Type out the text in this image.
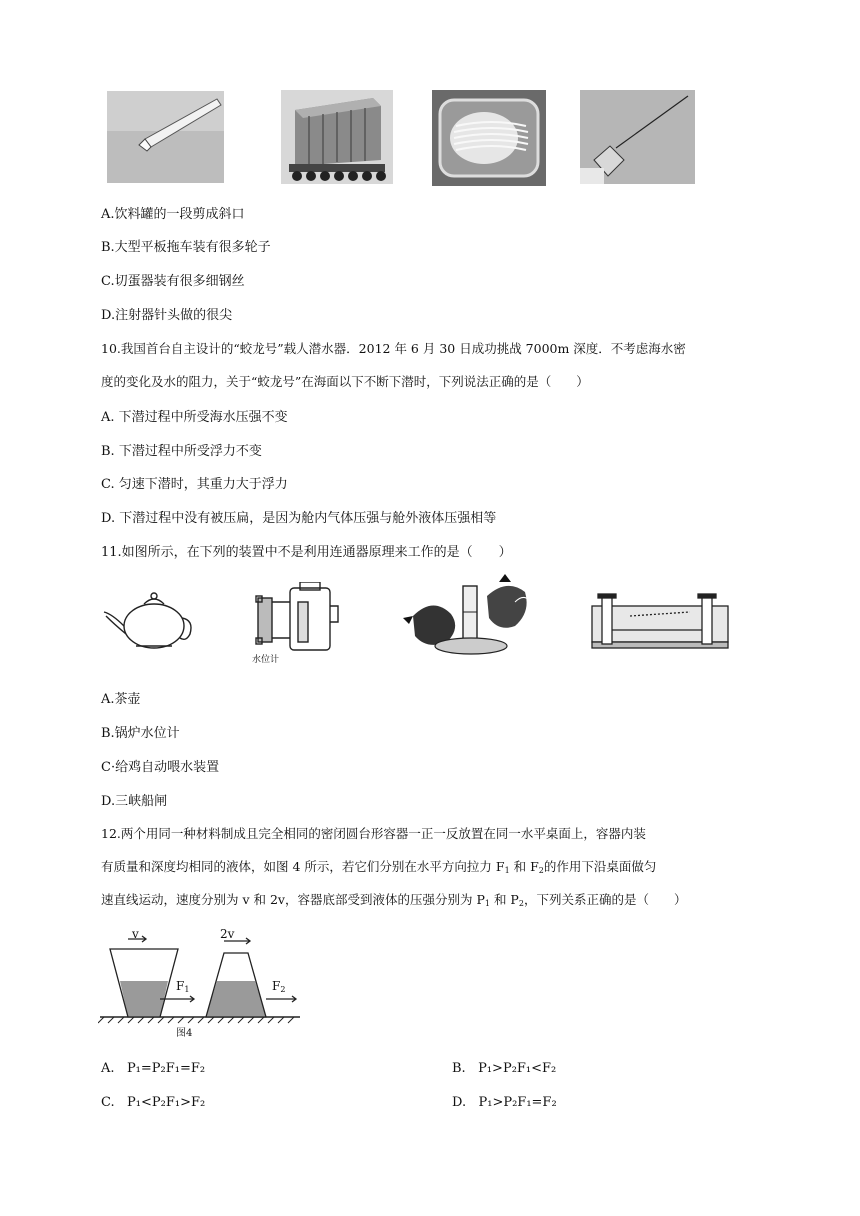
A.饮料罐的一段剪成斜口
B.大型平板拖车装有很多轮子
C.切蛋器装有很多细钢丝
D.注射器针头做的很尖
10.我国首台自主设计的“蛟龙号”载人潜水器．2012 年 6 月 30 日成功挑战 7000m 深度．不考虑海水密
度的变化及水的阻力，关于“蛟龙号”在海面以下不断下潜时，下列说法正确的是（　　）
A. 下潜过程中所受海水压强不变
B. 下潜过程中所受浮力不变
C. 匀速下潜时，其重力大于浮力
D. 下潜过程中没有被压扁，是因为舱内气体压强与舱外液体压强相等
11.如图所示，在下列的装置中不是利用连通器原理来工作的是（　　）
水位计
A.茶壶
B.锅炉水位计
C·给鸡自动喂水装置
D.三峡船闸
12.两个用同一种材料制成且完全相同的密闭圆台形容器一正一反放置在同一水平桌面上，容器内装
有质量和深度均相同的液体，如图 4 所示，若它们分别在水平方向拉力 $F_1$ 和 $F_2$的作用下沿桌面做匀
速直线运动，速度分别为 v 和 2v，容器底部受到液体的压强分别为 $P_1$ 和 $P_2$，下列关系正确的是（　　）
v	2v
$F_1$	$F_2$
图4
A. P₁=P₂F₁=F₂	B. P₁>P₂F₁<F₂
C. P₁<P₂F₁>F₂	D. P₁>P₂F₁=F₂
